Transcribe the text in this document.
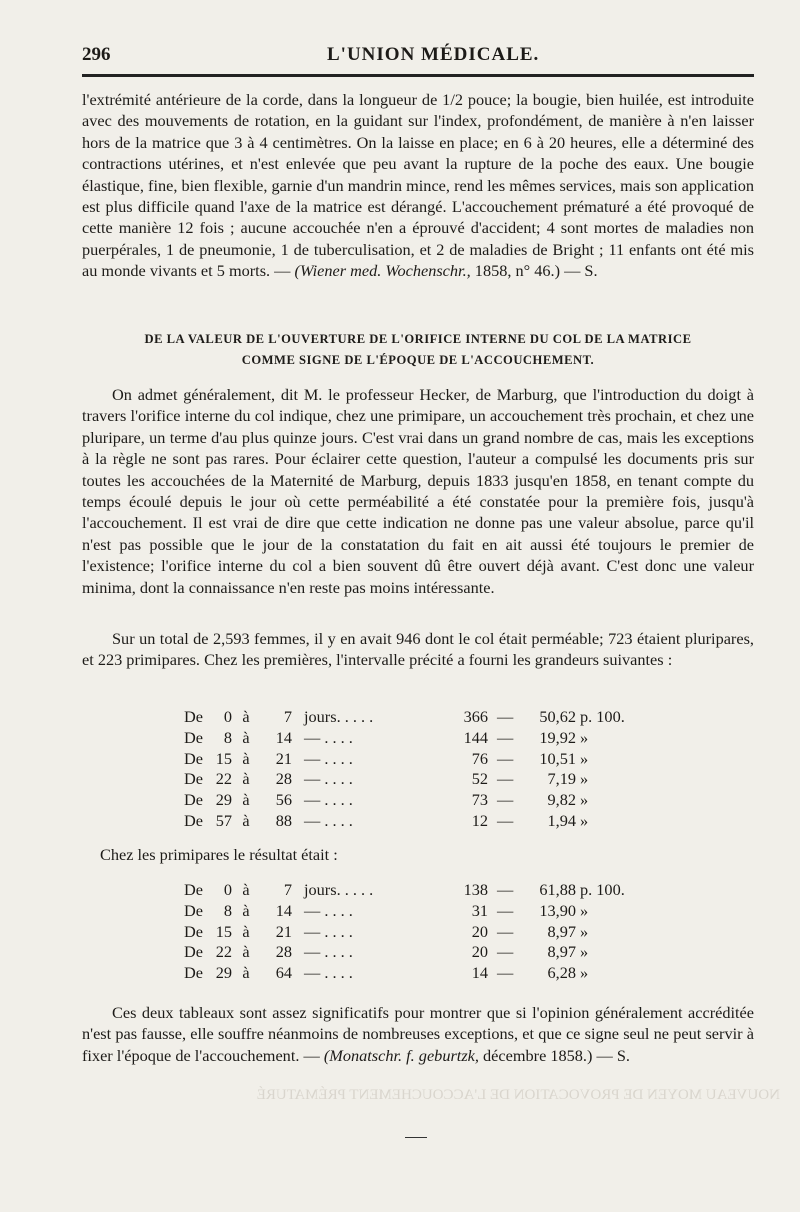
296	L'UNION MÉDICALE.

l'extrémité antérieure de la corde, dans la longueur de 1/2 pouce; la bougie, bien huilée, est introduite avec des mouvements de rotation, en la guidant sur l'index, profondément, de manière à n'en laisser hors de la matrice que 3 à 4 centimètres. On la laisse en place; en 6 à 20 heures, elle a déterminé des contractions utérines, et n'est enlevée que peu avant la rupture de la poche des eaux. Une bougie élastique, fine, bien flexible, garnie d'un mandrin mince, rend les mêmes services, mais son application est plus difficile quand l'axe de la matrice est dérangé. L'accouchement prématuré a été provoqué de cette manière 12 fois ; aucune accouchée n'en a éprouvé d'accident; 4 sont mortes de maladies non puerpérales, 1 de pneumonie, 1 de tuberculisation, et 2 de maladies de Bright ; 11 enfants ont été mis au monde vivants et 5 morts. — (Wiener med. Wochenschr., 1858, n° 46.) — S.

DE LA VALEUR DE L'OUVERTURE DE L'ORIFICE INTERNE DU COL DE LA MATRICE
COMME SIGNE DE L'ÉPOQUE DE L'ACCOUCHEMENT.

On admet généralement, dit M. le professeur Hecker, de Marburg, que l'introduction du doigt à travers l'orifice interne du col indique, chez une primipare, un accouchement très prochain, et chez une pluripare, un terme d'au plus quinze jours. C'est vrai dans un grand nombre de cas, mais les exceptions à la règle ne sont pas rares. Pour éclairer cette question, l'auteur a compulsé les documents pris sur toutes les accouchées de la Maternité de Marburg, depuis 1833 jusqu'en 1858, en tenant compte du temps écoulé depuis le jour où cette perméabilité a été constatée pour la première fois, jusqu'à l'accouchement. Il est vrai de dire que cette indication ne donne pas une valeur absolue, parce qu'il n'est pas possible que le jour de la constatation du fait en ait aussi été toujours le premier de l'existence; l'orifice interne du col a bien souvent dû être ouvert déjà avant. C'est donc une valeur minima, dont la connaissance n'en reste pas moins intéressante.

Sur un total de 2,593 femmes, il y en avait 946 dont le col était perméable; 723 étaient pluripares, et 223 primipares. Chez les premières, l'intervalle précité a fourni les grandeurs suivantes :

De	0 à	7 jours. . . . .	366 —	50,62 p. 100.
De	8 à	14 — . . . .	144 —	19,92 »
De 15 à	21 — . . . .	76 —	10,51 »
De 22 à	28 — . . . .	52 —	7,19 »
De 29 à	56 — . . . .	73 —	9,82 »
De 57 à	88 — . . . .	12 —	1,94 »
Chez les primipares le résultat était :
De	0 à	7 jours. . . . .	138 —	61,88 p. 100.
De	8 à	14 — . . . .	31 —	13,90 »
De 15 à	21 — . . . .	20 —	8,97 »
De 22 à	28 — . . . .	20 —	8,97 »
De 29 à	64 — . . . .	14 —	6,28 »

Ces deux tableaux sont assez significatifs pour montrer que si l'opinion généralement accréditée n'est pas fausse, elle souffre néanmoins de nombreuses exceptions, et que ce signe seul ne peut servir à fixer l'époque de l'accouchement. — (Monatschr. f. geburtzk, décembre 1858.) — S.

NOUVEAU MOYEN DE PROVOCATION DE L'ACCOUCHEMENT PRÉMATURÉ
